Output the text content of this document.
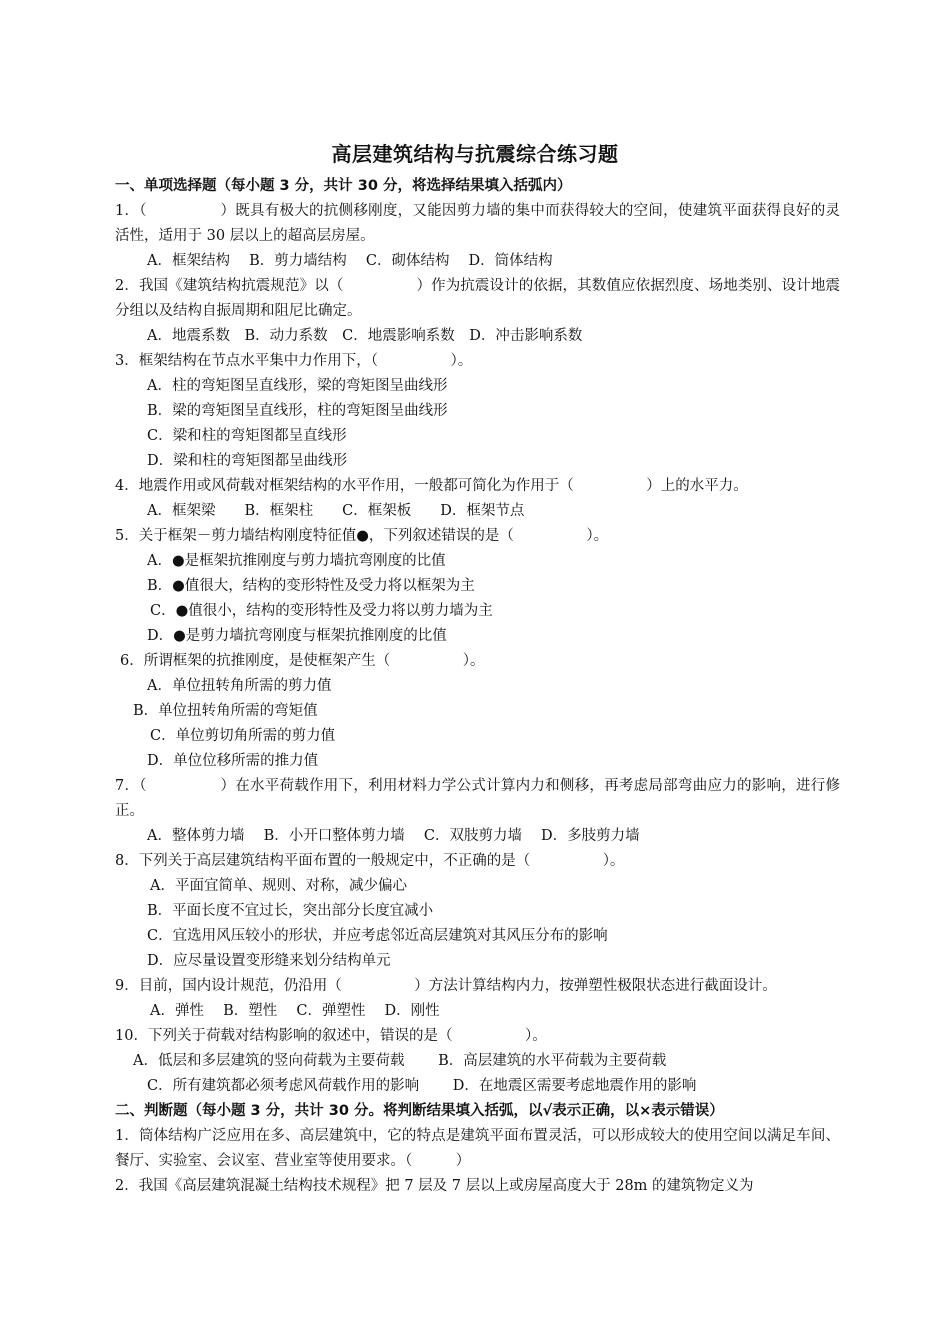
高层建筑结构与抗震综合练习题
一、单项选择题（每小题 3 分，共计 30 分，将选择结果填入括弧内）
1．（　　　　　）既具有极大的抗侧移刚度，又能因剪力墙的集中而获得较大的空间，使建筑平面获得良好的灵活性，适用于 30 层以上的超高层房屋。
A．框架结构　 B．剪力墙结构　 C．砌体结构　 D．筒体结构
2．我国《建筑结构抗震规范》以（　　　　　）作为抗震设计的依据，其数值应依据烈度、场地类别、设计地震分组以及结构自振周期和阻尼比确定。
A．地震系数　B．动力系数　C．地震影响系数　D．冲击影响系数
3．框架结构在节点水平集中力作用下，（　　　　　）。
A．柱的弯矩图呈直线形，梁的弯矩图呈曲线形
B．梁的弯矩图呈直线形，柱的弯矩图呈曲线形
C．梁和柱的弯矩图都呈直线形
D．梁和柱的弯矩图都呈曲线形
4．地震作用或风荷载对框架结构的水平作用，一般都可简化为作用于（　　　　　）上的水平力。
A．框架梁　　B．框架柱　　C．框架板　　D．框架节点
5．关于框架－剪力墙结构刚度特征值●，下列叙述错误的是（　　　　　）。
A．●是框架抗推刚度与剪力墙抗弯刚度的比值
B．●值很大，结构的变形特性及受力将以框架为主
C．●值很小，结构的变形特性及受力将以剪力墙为主
D．●是剪力墙抗弯刚度与框架抗推刚度的比值
6．所谓框架的抗推刚度，是使框架产生（　　　　　）。
A．单位扭转角所需的剪力值
B．单位扭转角所需的弯矩值
C．单位剪切角所需的剪力值
D．单位位移所需的推力值
7．（　　　　　）在水平荷载作用下，利用材料力学公式计算内力和侧移，再考虑局部弯曲应力的影响，进行修正。
A．整体剪力墙　 B．小开口整体剪力墙　 C．双肢剪力墙　 D．多肢剪力墙
8．下列关于高层建筑结构平面布置的一般规定中，不正确的是（　　　　　）。
A．平面宜简单、规则、对称，减少偏心
B．平面长度不宜过长，突出部分长度宜减小
C．宜选用风压较小的形状，并应考虑邻近高层建筑对其风压分布的影响
D．应尽量设置变形缝来划分结构单元
9．目前，国内设计规范，仍沿用（　　　　　）方法计算结构内力，按弹塑性极限状态进行截面设计。
A．弹性　 B．塑性　 C．弹塑性　 D．刚性
10．下列关于荷载对结构影响的叙述中，错误的是（　　　　　）。
A．低层和多层建筑的竖向荷载为主要荷载　　 B．高层建筑的水平荷载为主要荷载
C．所有建筑都必须考虑风荷载作用的影响　　 D．在地震区需要考虑地震作用的影响
二、判断题（每小题 3 分，共计 30 分。将判断结果填入括弧，以√表示正确，以×表示错误）
1．筒体结构广泛应用在多、高层建筑中，它的特点是建筑平面布置灵活，可以形成较大的使用空间以满足车间、餐厅、实验室、会议室、营业室等使用要求。（　　　）
2．我国《高层建筑混凝土结构技术规程》把 7 层及 7 层以上或房屋高度大于 28m 的建筑物定义为
